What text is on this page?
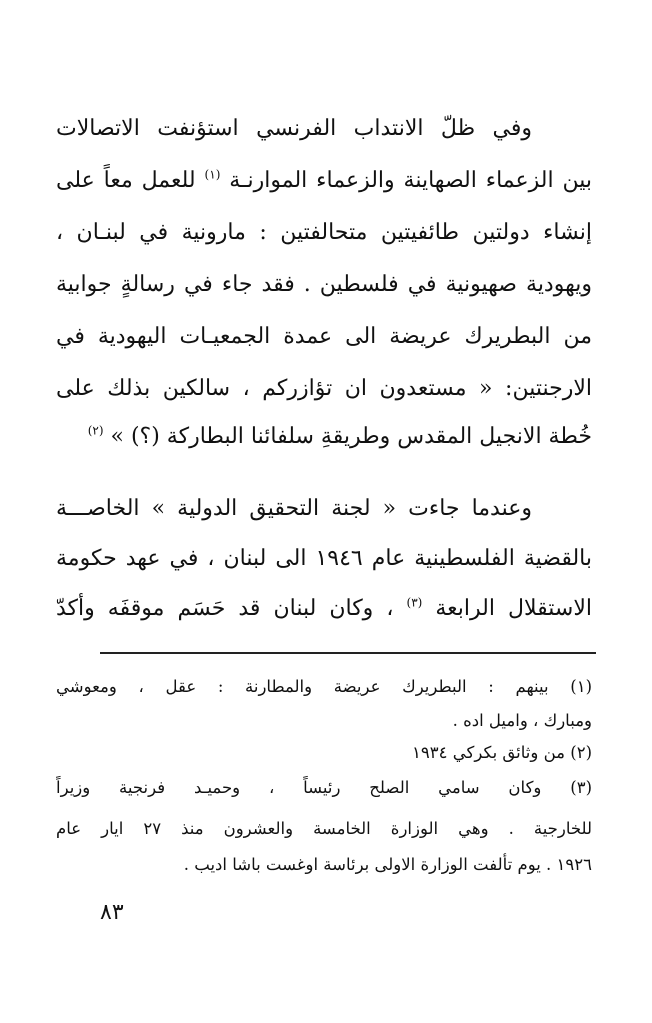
وفي ظلّ الانتداب الفرنسي استؤنفت الاتصالات
بين الزعماء الصهاينة والزعماء الموارنـة $^{(١)}$ للعمل معاً على
إنشاء دولتين طائفيتين متحالفتين : مارونية في لبنـان ،
ويهودية صهيونية في فلسطين . فقد جاء في رسالةٍ جوابية
من البطريرك عريضة الى عمدة الجمعيـات اليهودية في
الارجنتين: « مستعدون ان تؤازركم ، سالكين بذلك على
خُطة الانجيل المقدس وطريقةِ سلفائنا البطاركة (؟) » $^{(٢)}$
وعندما جاءت « لجنة التحقيق الدولية » الخاصـــة
بالقضية الفلسطينية عام ١٩٤٦ الى لبنان ، في عهد حكومة
الاستقلال الرابعة $^{(٣)}$ ، وكان لبنان قد حَسَم موقفَه وأكدّ
(١) بينهم : البطريرك عريضة والمطارنة : عقل ، ومعوشي
ومبارك ، واميل اده .
(٢) من وثائق بكركي ١٩٣٤
(٣) وكان سامي الصلح رئيساً ، وحميـد فرنجية وزيراً
للخارجية . وهي الوزارة الخامسة والعشرون منذ ٢٧ ايار عام
١٩٢٦ . يوم تألفت الوزارة الاولى برئاسة اوغست باشا اديب .
٨٣
